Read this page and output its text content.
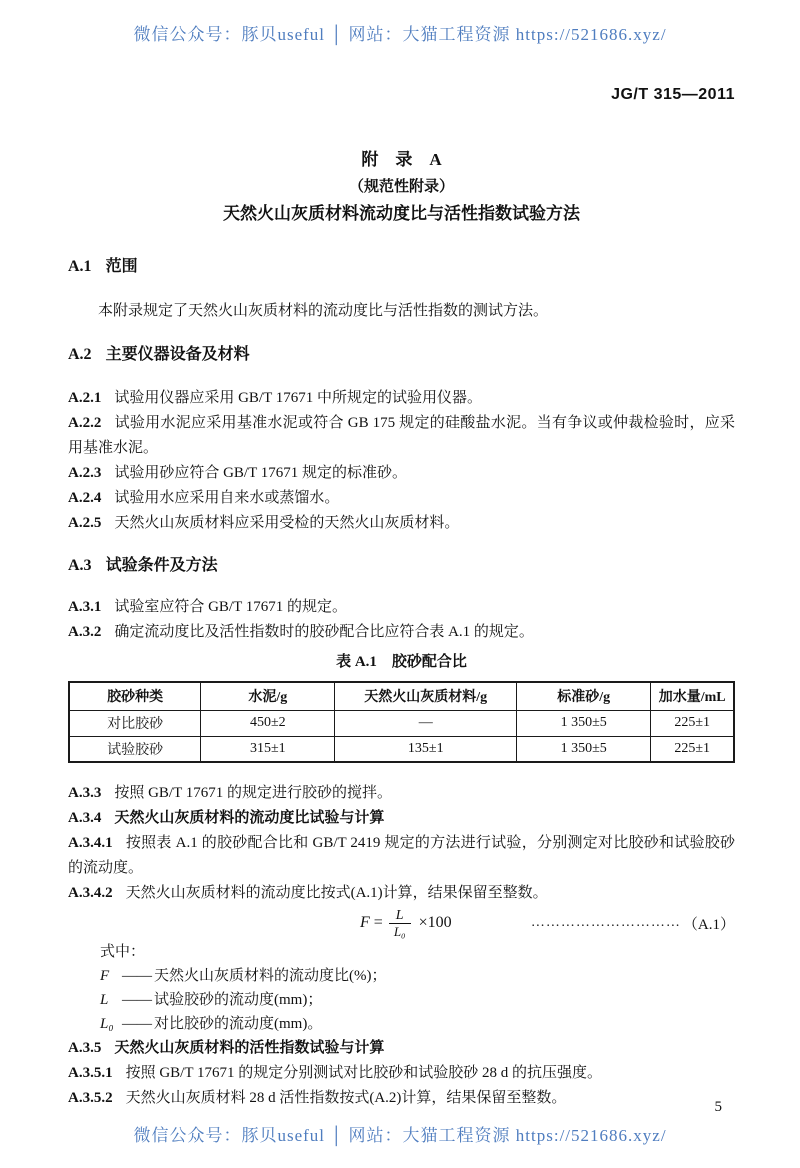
微信公众号：豚贝useful │ 网站：大猫工程资源 https://521686.xyz/
JG/T 315—2011
附　录　A
（规范性附录）
天然火山灰质材料流动度比与活性指数试验方法
A.1 范围

本附录规定了天然火山灰质材料的流动度比与活性指数的测试方法。

A.2 主要仪器设备及材料

A.2.1 试验用仪器应采用 GB/T 17671 中所规定的试验用仪器。

A.2.2 试验用水泥应采用基准水泥或符合 GB 175 规定的硅酸盐水泥。当有争议或仲裁检验时，应采用基准水泥。

A.2.3 试验用砂应符合 GB/T 17671 规定的标准砂。

A.2.4 试验用水应采用自来水或蒸馏水。

A.2.5 天然火山灰质材料应采用受检的天然火山灰质材料。

A.3 试验条件及方法

A.3.1 试验室应符合 GB/T 17671 的规定。

A.3.2 确定流动度比及活性指数时的胶砂配合比应符合表 A.1 的规定。

表 A.1　胶砂配合比
胶砂种类	水泥/g	天然火山灰质材料/g	标准砂/g	加水量/mL
对比胶砂	450±2	—	1 350±5	225±1
试验胶砂	315±1	135±1	1 350±5	225±1

A.3.3 按照 GB/T 17671 的规定进行胶砂的搅拌。

A.3.4 天然火山灰质材料的流动度比试验与计算

A.3.4.1 按照表 A.1 的胶砂配合比和 GB/T 2419 规定的方法进行试验，分别测定对比胶砂和试验胶砂的流动度。

A.3.4.2 天然火山灰质材料的流动度比按式(A.1)计算，结果保留至整数。

$F = \frac{L}{\text{L₀}} \times 100$	………………………… （A.1）
式中：
F —— 天然火山灰质材料的流动度比(%)；
L —— 试验胶砂的流动度(mm)；
L₀ —— 对比胶砂的流动度(mm)。

A.3.5 天然火山灰质材料的活性指数试验与计算

A.3.5.1 按照 GB/T 17671 的规定分别测试对比胶砂和试验胶砂 28 d 的抗压强度。

A.3.5.2 天然火山灰质材料 28 d 活性指数按式(A.2)计算，结果保留至整数。

5
微信公众号：豚贝useful │ 网站：大猫工程资源 https://521686.xyz/
